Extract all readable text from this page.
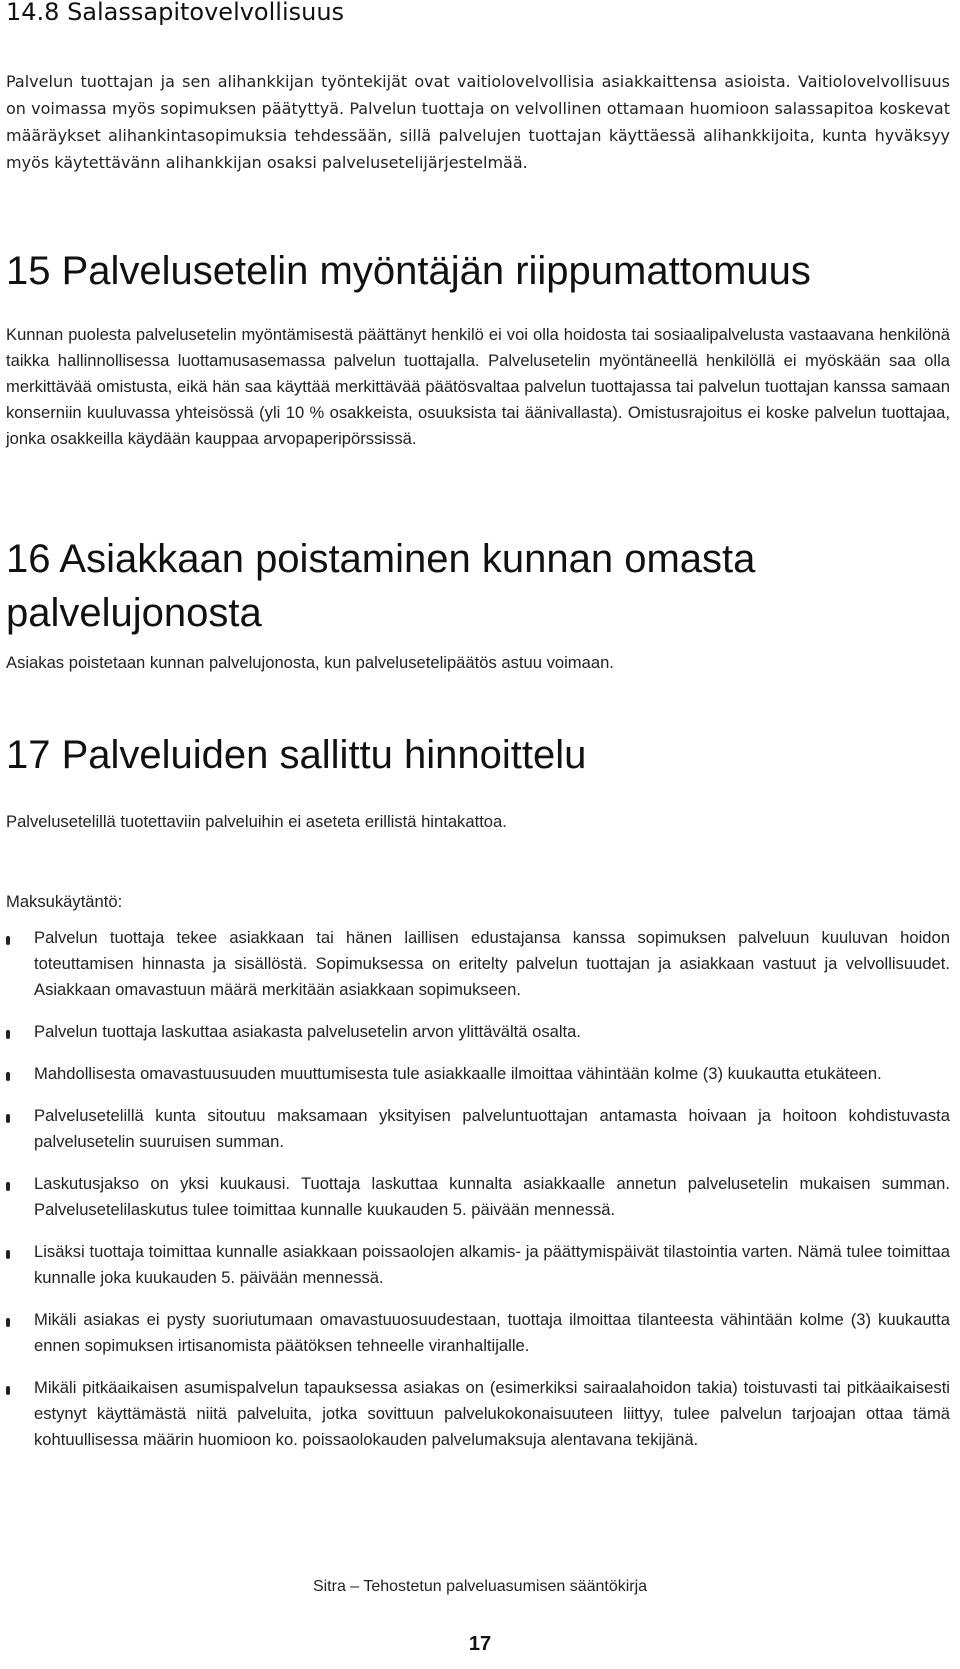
14.8 Salassapitovelvollisuus

Palvelun tuottajan ja sen alihankkijan työntekijät ovat vaitiolovelvollisia asiakkaittensa asioista. Vaitiolovelvollisuus on voimassa myös sopimuksen päätyttyä. Palvelun tuottaja on velvollinen ottamaan huomioon salassapitoa koskevat määräykset alihankintasopimuksia tehdessään, sillä palvelujen tuottajan käyttäessä alihankkijoita, kunta hyväksyy myös käytettävänn alihankkijan osaksi palvelusetelijärjestelmää.

15 Palvelusetelin myöntäjän riippumattomuus

Kunnan puolesta palvelusetelin myöntämisestä päättänyt henkilö ei voi olla hoidosta tai sosiaalipalvelusta vastaavana henkilönä taikka hallinnollisessa luottamusasemassa palvelun tuottajalla. Palvelusetelin myöntäneellä henkilöllä ei myöskään saa olla merkittävää omistusta, eikä hän saa käyttää merkittävää päätösvaltaa palvelun tuottajassa tai palvelun tuottajan kanssa samaan konserniin kuuluvassa yhteisössä (yli 10 % osakkeista, osuuksista tai äänivallasta). Omistusrajoitus ei koske palvelun tuottajaa, jonka osakkeilla käydään kauppaa arvopaperipörssissä.

16 Asiakkaan poistaminen kunnan omasta
palvelujonosta

Asiakas poistetaan kunnan palvelujonosta, kun palvelusetelipäätös astuu voimaan.

17 Palveluiden sallittu hinnoittelu

Palvelusetelillä tuotettaviin palveluihin ei aseteta erillistä hintakattoa.

Maksukäytäntö:

Palvelun tuottaja tekee asiakkaan tai hänen laillisen edustajansa kanssa sopimuksen palveluun kuuluvan hoidon toteuttamisen hinnasta ja sisällöstä. Sopimuksessa on eritelty palvelun tuottajan ja asiakkaan vastuut ja velvollisuudet. Asiakkaan omavastuun määrä merkitään asiakkaan sopimukseen.
Palvelun tuottaja laskuttaa asiakasta palvelusetelin arvon ylittävältä osalta.
Mahdollisesta omavastuusuuden muuttumisesta tule asiakkaalle ilmoittaa vähintään kolme (3) kuukautta etukäteen.
Palvelusetelillä kunta sitoutuu maksamaan yksityisen palveluntuottajan antamasta hoivaan ja hoitoon kohdistuvasta palvelusetelin suuruisen summan.
Laskutusjakso on yksi kuukausi. Tuottaja laskuttaa kunnalta asiakkaalle annetun palvelusetelin mukaisen summan. Palvelusetelilaskutus tulee toimittaa kunnalle kuukauden 5. päivään mennessä.
Lisäksi tuottaja toimittaa kunnalle asiakkaan poissaolojen alkamis- ja päättymispäivät tilastointia varten. Nämä tulee toimittaa kunnalle joka kuukauden 5. päivään mennessä.
Mikäli asiakas ei pysty suoriutumaan omavastuuosuudestaan, tuottaja ilmoittaa tilanteesta vähintään kolme (3) kuukautta ennen sopimuksen irtisanomista päätöksen tehneelle viranhaltijalle.
Mikäli pitkäaikaisen asumispalvelun tapauksessa asiakas on (esimerkiksi sairaalahoidon takia) toistuvasti tai pitkäaikaisesti estynyt käyttämästä niitä palveluita, jotka sovittuun palvelukokonaisuuteen liittyy, tulee palvelun tarjoajan ottaa tämä kohtuullisessa määrin huomioon ko. poissaolokauden palvelumaksuja alentavana tekijänä.
Sitra – Tehostetun palveluasumisen sääntökirja
17
